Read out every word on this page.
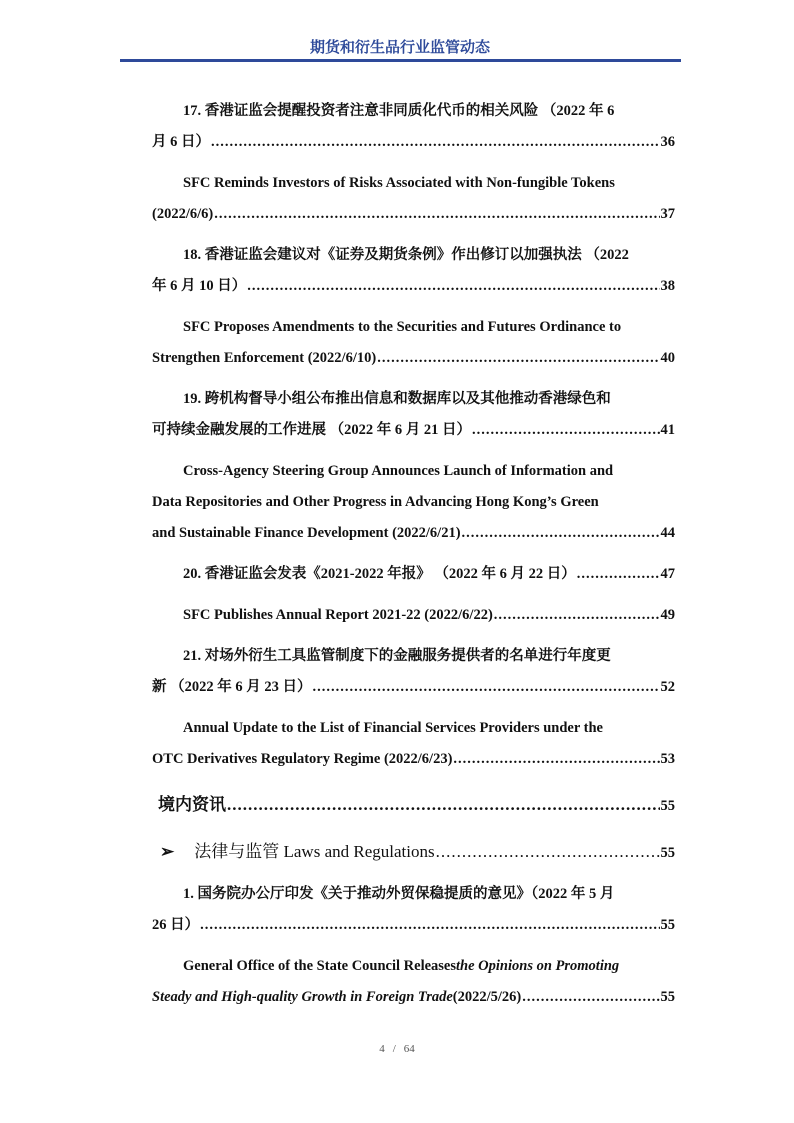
期货和衍生品行业监管动态
17. 香港证监会提醒投资者注意非同质化代币的相关风险 （2022 年 6
月 6 日） .....	36
SFC Reminds Investors of Risks Associated with Non-fungible Tokens
(2022/6/6) .....	37
18. 香港证监会建议对《证券及期货条例》作出修订以加强执法 （2022
年 6 月 10 日） .....	38
SFC Proposes Amendments to the Securities and Futures Ordinance to
Strengthen Enforcement (2022/6/10) .....	40
19. 跨机构督导小组公布推出信息和数据库以及其他推动香港绿色和
可持续金融发展的工作进展 （2022 年 6 月 21 日） .....	41
Cross-Agency Steering Group Announces Launch of Information and
Data Repositories and Other Progress in Advancing Hong Kong’s Green
and Sustainable Finance Development (2022/6/21) .....	44
20. 香港证监会发表《2021-2022 年报》 （2022 年 6 月 22 日） .....	47
SFC Publishes Annual Report 2021-22 (2022/6/22) .....	49
21. 对场外衍生工具监管制度下的金融服务提供者的名单进行年度更
新 （2022 年 6 月 23 日） .....	52
Annual Update to the List of Financial Services Providers under the
OTC Derivatives Regulatory Regime (2022/6/23) .....	53
境内资讯 .....	55
➢ 法律与监管 Laws and Regulations .....	55
1. 国务院办公厅印发《关于推动外贸保稳提质的意见》（2022 年 5 月
26 日） .....	55
General Office of the State Council Releases the Opinions on Promoting
Steady and High-quality Growth in Foreign Trade (2022/5/26) .....	55
4 / 64
